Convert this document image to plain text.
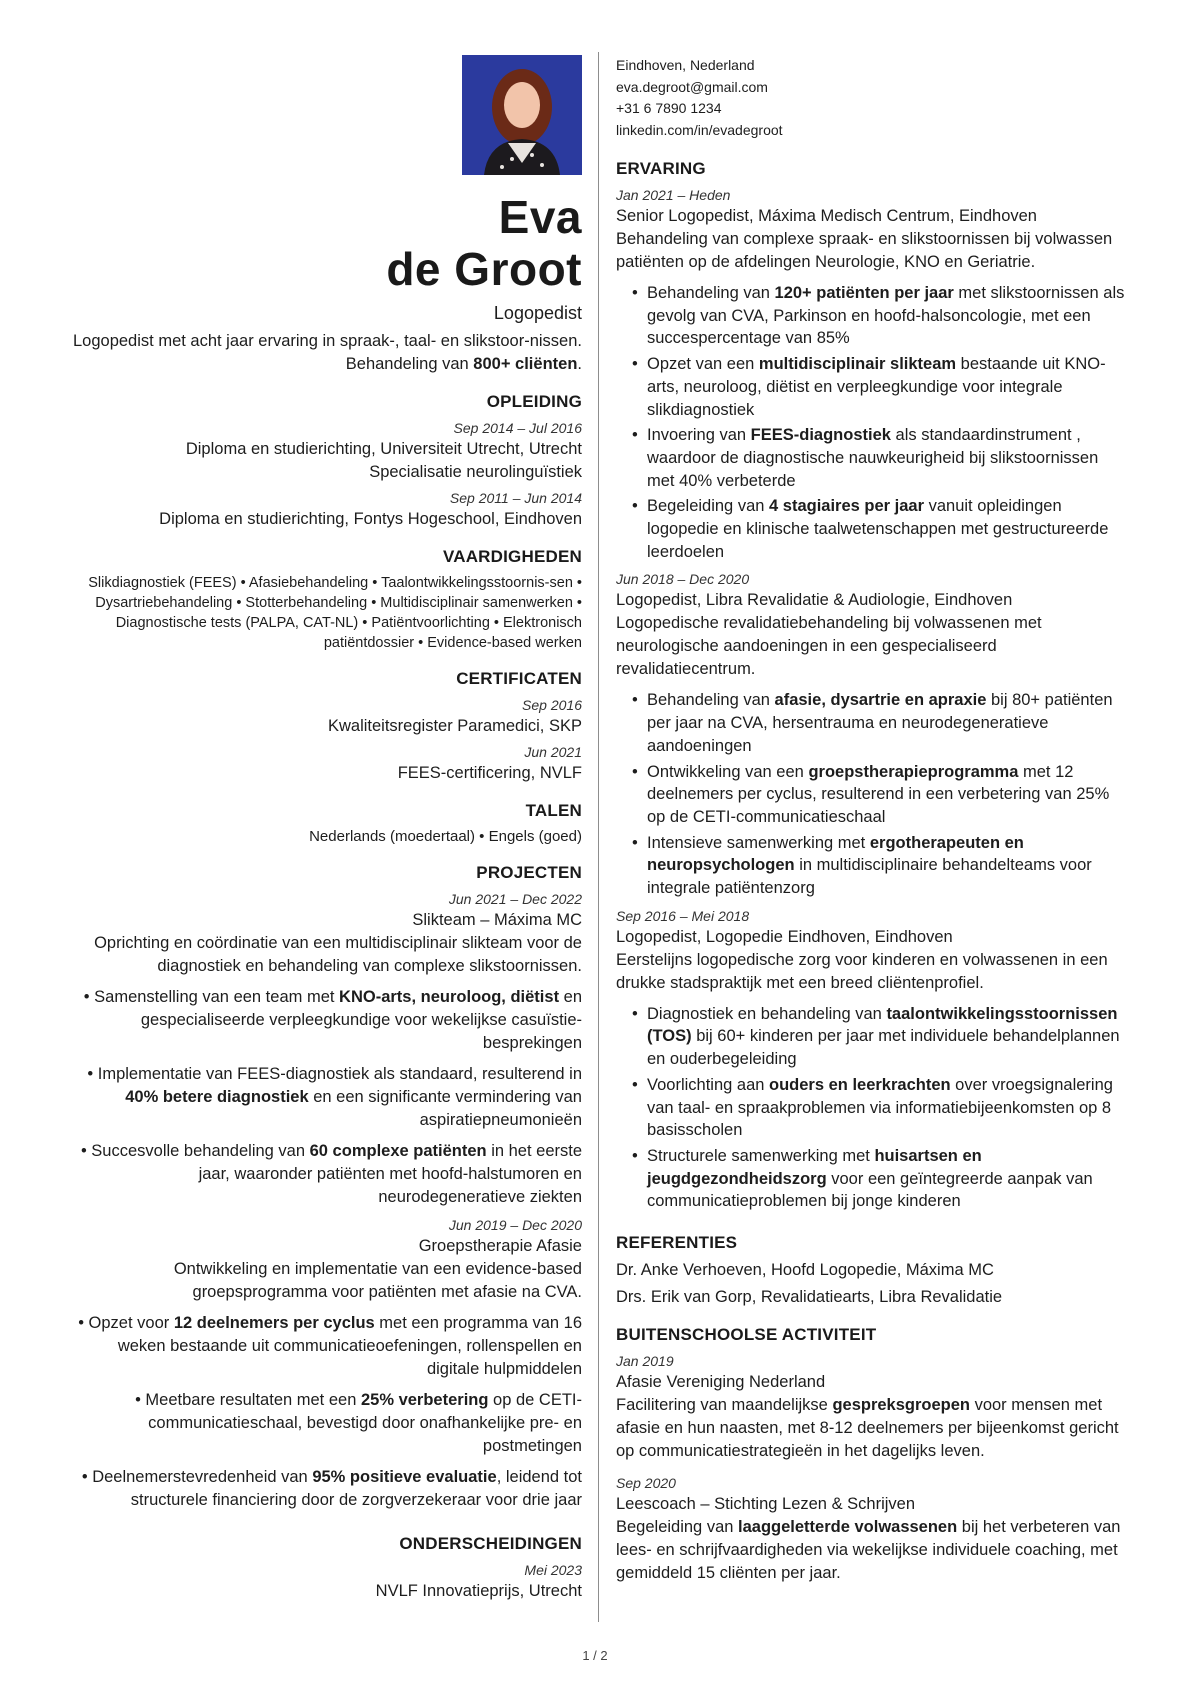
Eva
de Groot
Logopedist
Logopedist met acht jaar ervaring in spraak-, taal- en slikstoor-nissen. Behandeling van 800+ cliënten.
OPLEIDING
Sep 2014 – Jul 2016
Diploma en studierichting, Universiteit Utrecht, Utrecht
Specialisatie neurolinguïstiek
Sep 2011 – Jun 2014
Diploma en studierichting, Fontys Hogeschool, Eindhoven
VAARDIGHEDEN
Slikdiagnostiek (FEES) • Afasiebehandeling • Taalontwikkelingsstoornis-sen • Dysartriebehandeling • Stotterbehandeling • Multidisciplinair samenwerken • Diagnostische tests (PALPA, CAT-NL) • Patiëntvoorlichting • Elektronisch patiëntdossier • Evidence-based werken
CERTIFICATEN
Sep 2016
Kwaliteitsregister Paramedici, SKP
Jun 2021
FEES-certificering, NVLF
TALEN
Nederlands (moedertaal) • Engels (goed)
PROJECTEN
Jun 2021 – Dec 2022
Slikteam – Máxima MC
Oprichting en coördinatie van een multidisciplinair slikteam voor de diagnostiek en behandeling van complexe slikstoornissen.
• Samenstelling van een team met KNO-arts, neuroloog, diëtist en gespecialiseerde verpleegkundige voor wekelijkse casuïstie-besprekingen
• Implementatie van FEES-diagnostiek als standaard, resulterend in 40% betere diagnostiek en een significante vermindering van aspiratiepneumonieën
• Succesvolle behandeling van 60 complexe patiënten in het eerste jaar, waaronder patiënten met hoofd-halstumoren en neurodegeneratieve ziekten
Jun 2019 – Dec 2020
Groepstherapie Afasie
Ontwikkeling en implementatie van een evidence-based groepsprogramma voor patiënten met afasie na CVA.
• Opzet voor 12 deelnemers per cyclus met een programma van 16 weken bestaande uit communicatieoefeningen, rollenspellen en digitale hulpmiddelen
• Meetbare resultaten met een 25% verbetering op de CETI-communicatieschaal, bevestigd door onafhankelijke pre- en postmetingen
• Deelnemerstevredenheid van 95% positieve evaluatie, leidend tot structurele financiering door de zorgverzekeraar voor drie jaar
ONDERSCHEIDINGEN
Mei 2023
NVLF Innovatieprijs, Utrecht
Eindhoven, Nederland
eva.degroot@gmail.com
+31 6 7890 1234
linkedin.com/in/evadegroot
ERVARING
Jan 2021 – Heden
Senior Logopedist, Máxima Medisch Centrum, Eindhoven
Behandeling van complexe spraak- en slikstoornissen bij volwassen patiënten op de afdelingen Neurologie, KNO en Geriatrie.
• Behandeling van 120+ patiënten per jaar met slikstoornissen als gevolg van CVA, Parkinson en hoofd-halsoncologie, met een succespercentage van 85%
• Opzet van een multidisciplinair slikteam bestaande uit KNO-arts, neuroloog, diëtist en verpleegkundige voor integrale slikdiagnostiek
• Invoering van FEES-diagnostiek als standaardinstrument , waardoor de diagnostische nauwkeurigheid bij slikstoornissen met 40% verbeterde
• Begeleiding van 4 stagiaires per jaar vanuit opleidingen logopedie en klinische taalwetenschappen met gestructureerde leerdoelen
Jun 2018 – Dec 2020
Logopedist, Libra Revalidatie & Audiologie, Eindhoven
Logopedische revalidatiebehandeling bij volwassenen met neurologische aandoeningen in een gespecialiseerd revalidatiecentrum.
• Behandeling van afasie, dysartrie en apraxie bij 80+ patiënten per jaar na CVA, hersentrauma en neurodegeneratieve aandoeningen
• Ontwikkeling van een groepstherapieprogramma met 12 deelnemers per cyclus, resulterend in een verbetering van 25% op de CETI-communicatieschaal
• Intensieve samenwerking met ergotherapeuten en neuropsychologen in multidisciplinaire behandelteams voor integrale patiëntenzorg
Sep 2016 – Mei 2018
Logopedist, Logopedie Eindhoven, Eindhoven
Eerstelijns logopedische zorg voor kinderen en volwassenen in een drukke stadspraktijk met een breed cliëntenprofiel.
• Diagnostiek en behandeling van taalontwikkelingsstoornissen (TOS) bij 60+ kinderen per jaar met individuele behandelplannen en ouderbegeleiding
• Voorlichting aan ouders en leerkrachten over vroegsignalering van taal- en spraakproblemen via informatiebijeenkomsten op 8 basisscholen
• Structurele samenwerking met huisartsen en jeugdgezondheidszorg voor een geïntegreerde aanpak van communicatieproblemen bij jonge kinderen
REFERENTIES
Dr. Anke Verhoeven, Hoofd Logopedie, Máxima MC
Drs. Erik van Gorp, Revalidatiearts, Libra Revalidatie
BUITENSCHOOLSE ACTIVITEIT
Jan 2019
Afasie Vereniging Nederland
Facilitering van maandelijkse gespreksgroepen voor mensen met afasie en hun naasten, met 8-12 deelnemers per bijeenkomst gericht op communicatiestrategieën in het dagelijks leven.
Sep 2020
Leescoach – Stichting Lezen & Schrijven
Begeleiding van laaggeletterde volwassenen bij het verbeteren van lees- en schrijfvaardigheden via wekelijkse individuele coaching, met gemiddeld 15 cliënten per jaar.
1 / 2
